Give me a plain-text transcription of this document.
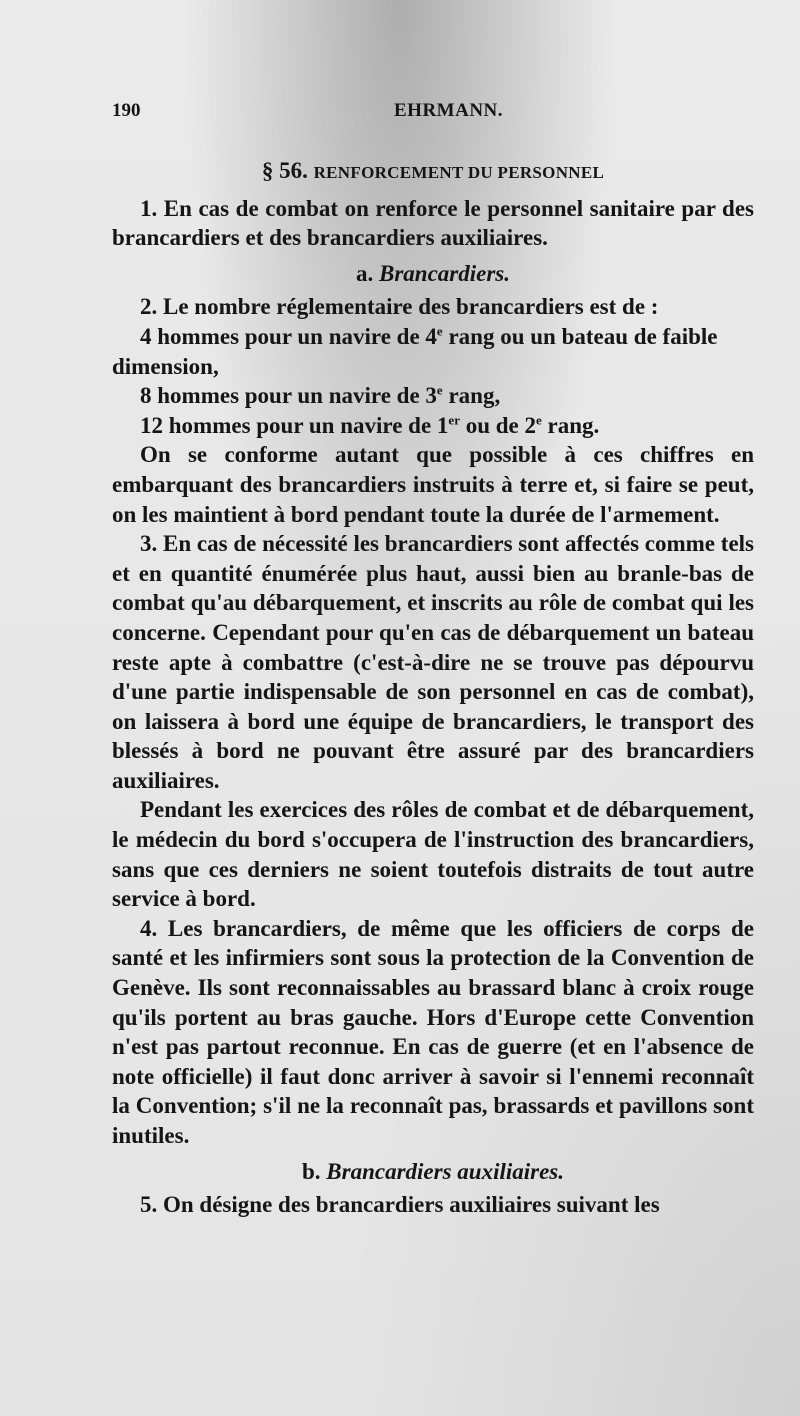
190	EHRMANN.
§ 56. RENFORCEMENT DU PERSONNEL

1. En cas de combat on renforce le personnel sanitaire par des brancardiers et des brancardiers auxiliaires.

a. Brancardiers.

2. Le nombre réglementaire des brancardiers est de :

4 hommes pour un navire de 4e rang ou un bateau de faible dimension,

8 hommes pour un navire de 3e rang,

12 hommes pour un navire de 1er ou de 2e rang.

On se conforme autant que possible à ces chiffres en embarquant des brancardiers instruits à terre et, si faire se peut, on les maintient à bord pendant toute la durée de l'armement.

3. En cas de nécessité les brancardiers sont affectés comme tels et en quantité énumérée plus haut, aussi bien au branle-bas de combat qu'au débarquement, et inscrits au rôle de combat qui les concerne. Cependant pour qu'en cas de débarquement un bateau reste apte à combattre (c'est-à-dire ne se trouve pas dépourvu d'une partie indispensable de son personnel en cas de combat), on laissera à bord une équipe de brancardiers, le transport des blessés à bord ne pouvant être assuré par des brancardiers auxiliaires.

Pendant les exercices des rôles de combat et de débarquement, le médecin du bord s'occupera de l'instruction des brancardiers, sans que ces derniers ne soient toutefois distraits de tout autre service à bord.

4. Les brancardiers, de même que les officiers de corps de santé et les infirmiers sont sous la protection de la Convention de Genève. Ils sont reconnaissables au brassard blanc à croix rouge qu'ils portent au bras gauche. Hors d'Europe cette Convention n'est pas partout reconnue. En cas de guerre (et en l'absence de note officielle) il faut donc arriver à savoir si l'ennemi reconnaît la Convention; s'il ne la reconnaît pas, brassards et pavillons sont inutiles.

b. Brancardiers auxiliaires.

5. On désigne des brancardiers auxiliaires suivant les
